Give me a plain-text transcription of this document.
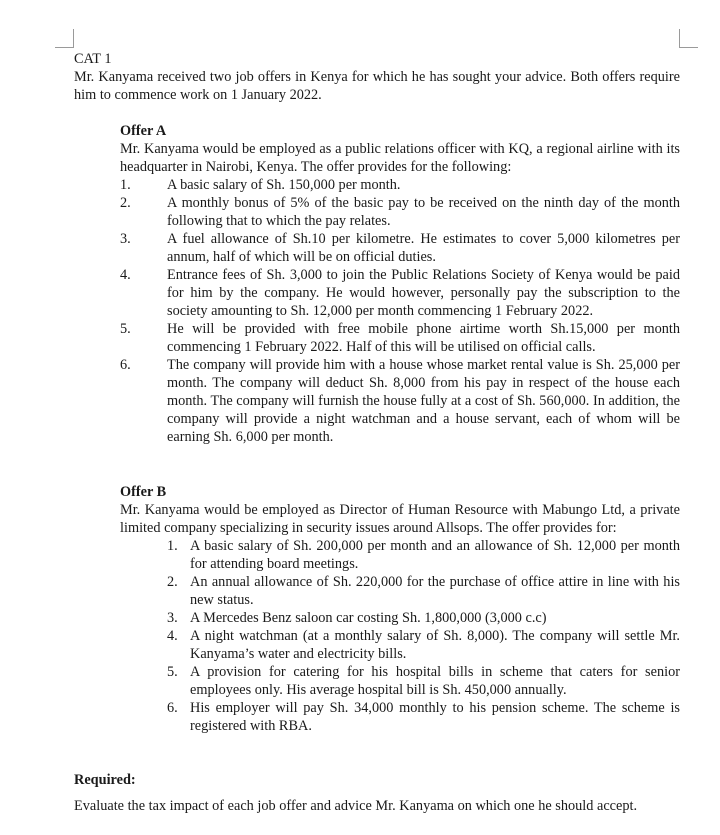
CAT 1
Mr. Kanyama received two job offers in Kenya for which he has sought your advice. Both offers require him to commence work on 1 January 2022.
Offer A
Mr. Kanyama would be employed as a public relations officer with KQ, a regional airline with its headquarter in Nairobi, Kenya. The offer provides for the following:
1.	A basic salary of Sh. 150,000 per month.
2.	A monthly bonus of 5% of the basic pay to be received on the ninth day of the month following that to which the pay relates.
3.	A fuel allowance of Sh.10 per kilometre. He estimates to cover 5,000 kilometres per annum, half of which will be on official duties.
4.	Entrance fees of Sh. 3,000 to join the Public Relations Society of Kenya would be paid for him by the company. He would however, personally pay the subscription to the society amounting to Sh. 12,000 per month commencing 1 February 2022.
5.	He will be provided with free mobile phone airtime worth Sh.15,000 per month commencing 1 February 2022. Half of this will be utilised on official calls.
6.	The company will provide him with a house whose market rental value is Sh. 25,000 per month. The company will deduct Sh. 8,000 from his pay in respect of the house each month. The company will furnish the house fully at a cost of Sh. 560,000. In addition, the company will provide a night watchman and a house servant, each of whom will be earning Sh. 6,000 per month.
Offer B
Mr. Kanyama would be employed as Director of Human Resource with Mabungo Ltd, a private limited company specializing in security issues around Allsops. The offer provides for:
1. A basic salary of Sh. 200,000 per month and an allowance of Sh. 12,000 per month for attending board meetings.
2. An annual allowance of Sh. 220,000 for the purchase of office attire in line with his new status.
3. A Mercedes Benz saloon car costing Sh. 1,800,000 (3,000 c.c)
4. A night watchman (at a monthly salary of Sh. 8,000). The company will settle Mr. Kanyama’s water and electricity bills.
5. A provision for catering for his hospital bills in scheme that caters for senior employees only. His average hospital bill is Sh. 450,000 annually.
6. His employer will pay Sh. 34,000 monthly to his pension scheme. The scheme is registered with RBA.
Required:
Evaluate the tax impact of each job offer and advice Mr. Kanyama on which one he should accept.
